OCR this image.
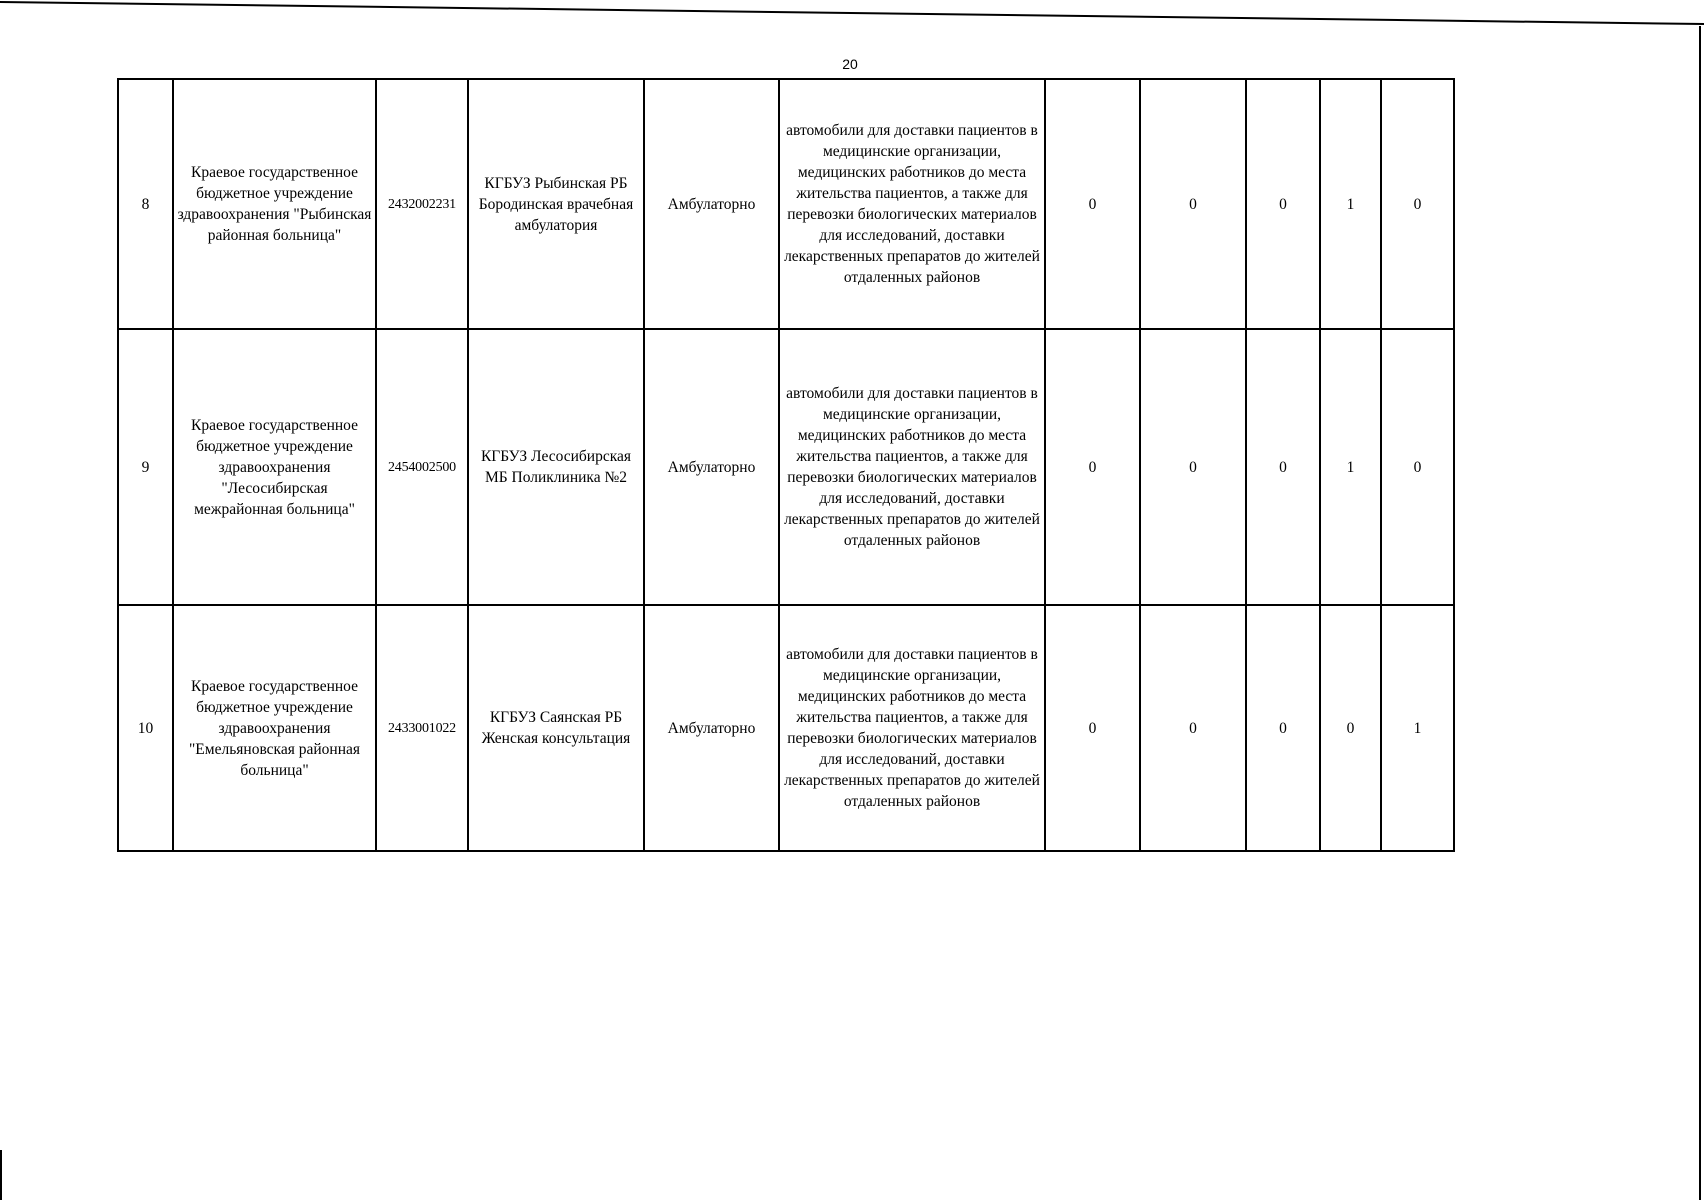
20
8	Краевое государственное бюджетное учреждение здравоохранения "Рыбинская районная больница"	2432002231	КГБУЗ Рыбинская РБ Бородинская врачебная амбулатория	Амбулаторно	автомобили для доставки пациентов в медицинские организации, медицинских работников до места жительства пациентов, а также для перевозки биологических материалов для исследований, доставки лекарственных препаратов до жителей отдаленных районов	0	0	0	1	0
9	Краевое государственное бюджетное учреждение здравоохранения "Лесосибирская межрайонная больница"	2454002500	КГБУЗ Лесосибирская МБ Поликлиника №2	Амбулаторно	автомобили для доставки пациентов в медицинские организации, медицинских работников до места жительства пациентов, а также для перевозки биологических материалов для исследований, доставки лекарственных препаратов до жителей отдаленных районов	0	0	0	1	0
10	Краевое государственное бюджетное учреждение здравоохранения "Емельяновская районная больница"	2433001022	КГБУЗ Саянская РБ Женская консультация	Амбулаторно	автомобили для доставки пациентов в медицинские организации, медицинских работников до места жительства пациентов, а также для перевозки биологических материалов для исследований, доставки лекарственных препаратов до жителей отдаленных районов	0	0	0	0	1
